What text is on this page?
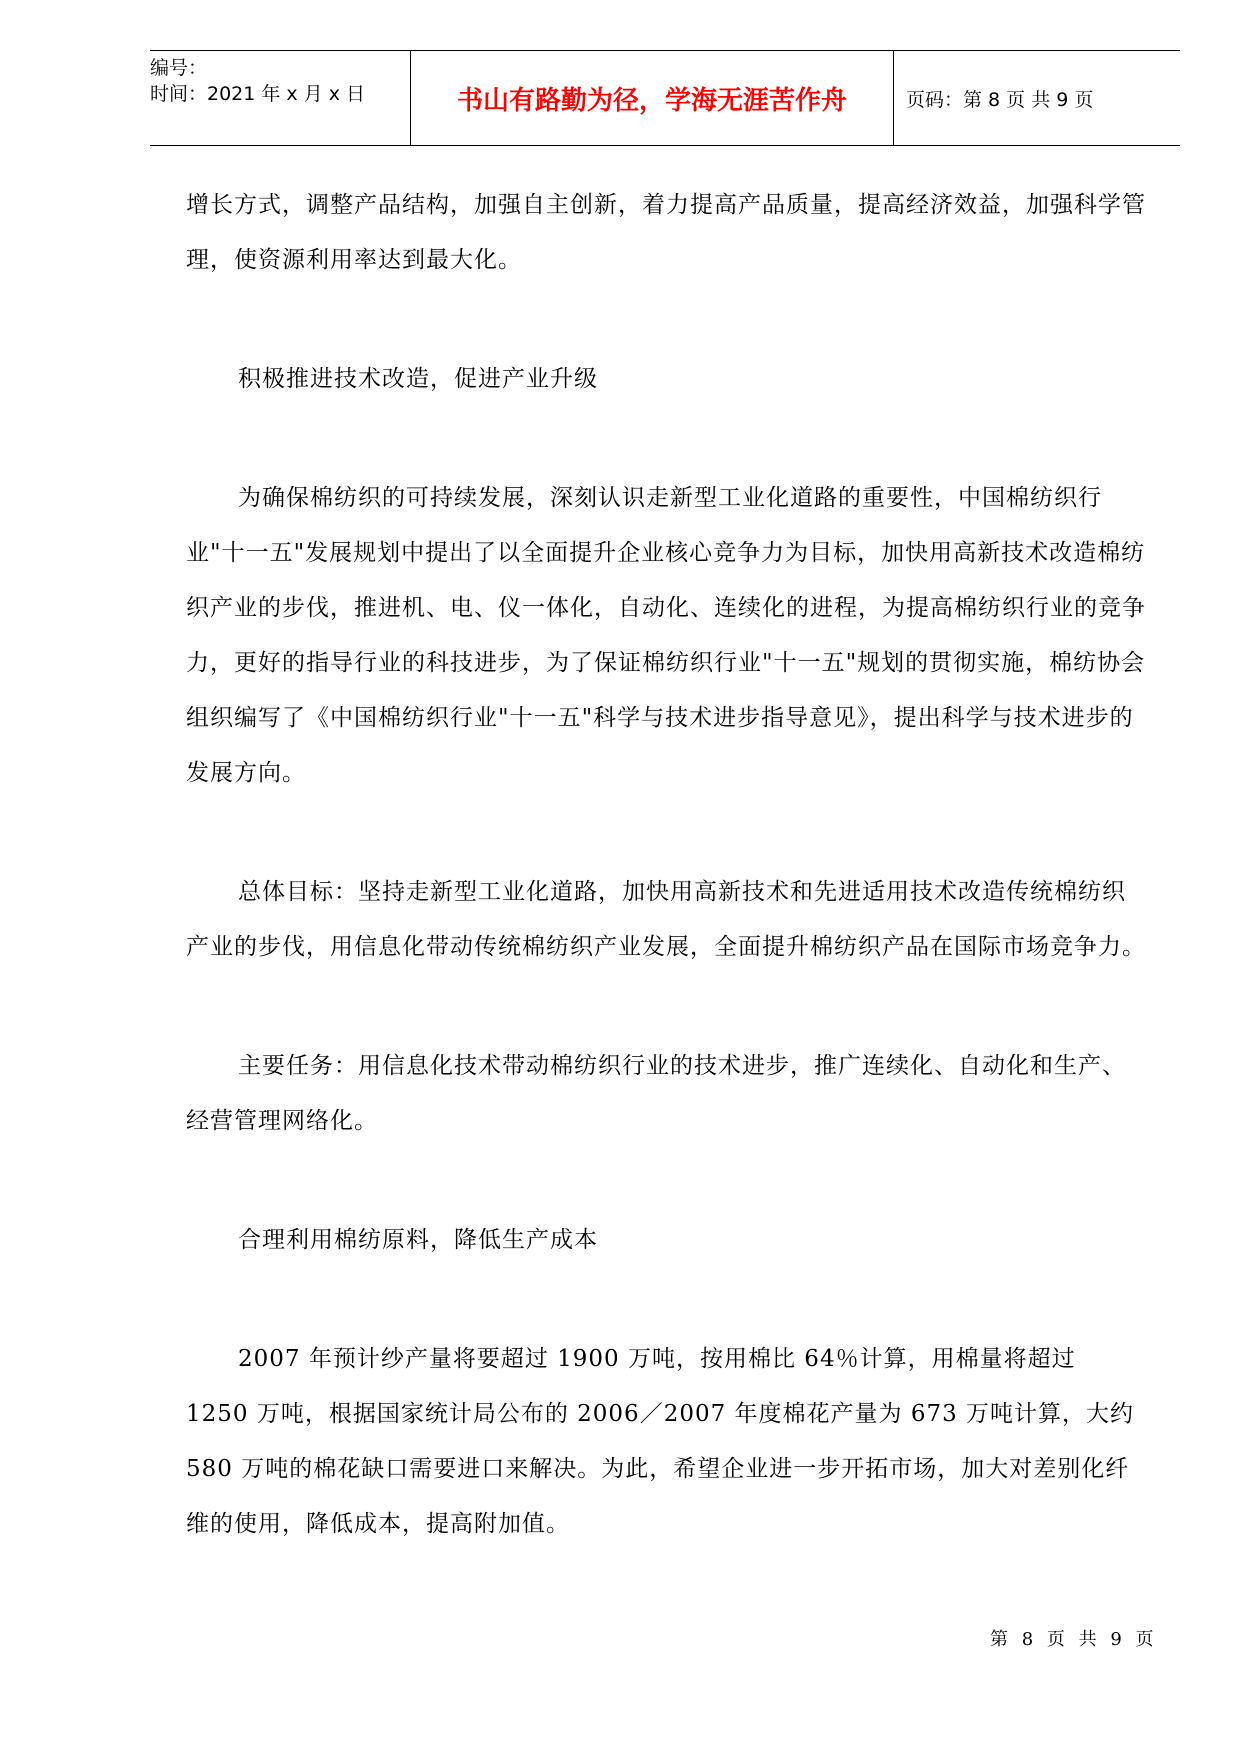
编号：
时间：2021 年 x 月 x 日	书山有路勤为径，学海无涯苦作舟	页码：第 8 页 共 9 页

增长方式，调整产品结构，加强自主创新，着力提高产品质量，提高经济效益，加强科学管理，使资源利用率达到最大化。

积极推进技术改造，促进产业升级

为确保棉纺织的可持续发展，深刻认识走新型工业化道路的重要性，中国棉纺织行业"十一五"发展规划中提出了以全面提升企业核心竞争力为目标，加快用高新技术改造棉纺织产业的步伐，推进机、电、仪一体化，自动化、连续化的进程，为提高棉纺织行业的竞争力，更好的指导行业的科技进步，为了保证棉纺织行业"十一五"规划的贯彻实施，棉纺协会组织编写了《中国棉纺织行业"十一五"科学与技术进步指导意见》，提出科学与技术进步的发展方向。

总体目标：坚持走新型工业化道路，加快用高新技术和先进适用技术改造传统棉纺织产业的步伐，用信息化带动传统棉纺织产业发展，全面提升棉纺织产品在国际市场竞争力。

主要任务：用信息化技术带动棉纺织行业的技术进步，推广连续化、自动化和生产、经营管理网络化。

合理利用棉纺原料，降低生产成本

2007 年预计纱产量将要超过 1900 万吨，按用棉比 64％计算，用棉量将超过 1250 万吨，根据国家统计局公布的 2006／2007 年度棉花产量为 673 万吨计算，大约 580 万吨的棉花缺口需要进口来解决。为此，希望企业进一步开拓市场，加大对差别化纤维的使用，降低成本，提高附加值。

第 8 页 共 9 页
